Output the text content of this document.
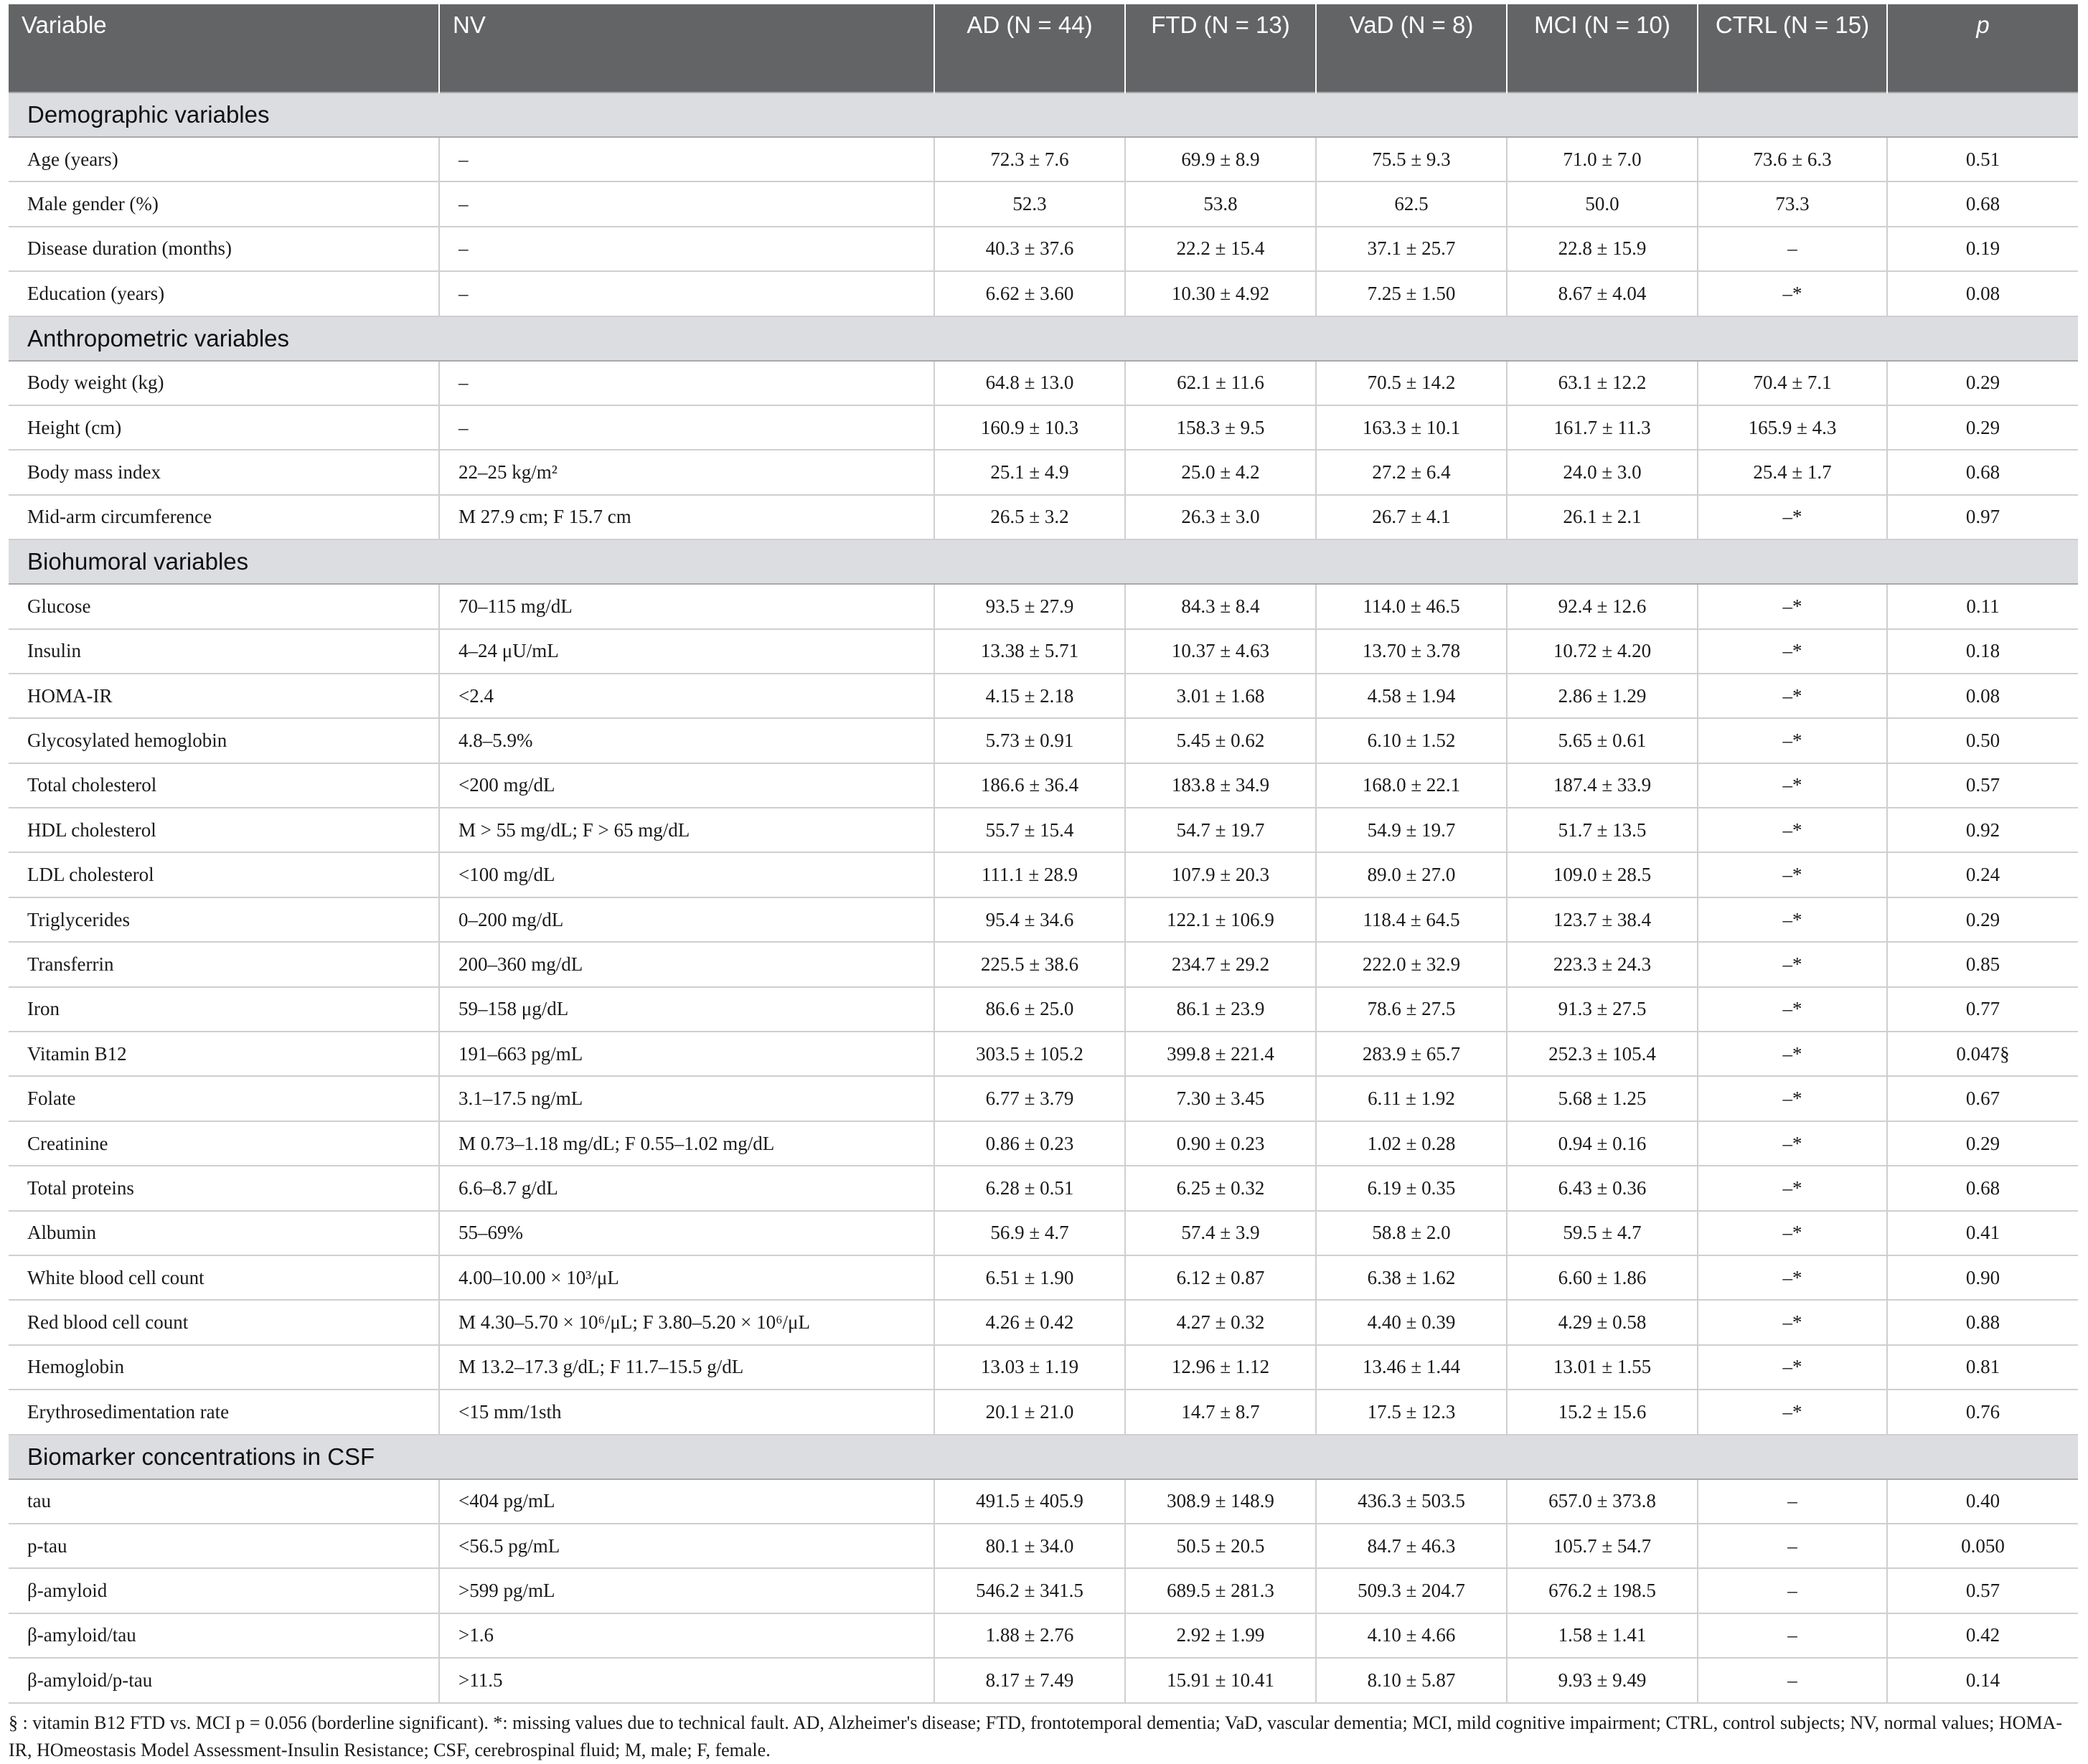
Variable	NV	AD (N = 44)	FTD (N = 13)	VaD (N = 8)	MCI (N = 10)	CTRL (N = 15)	p
Demographic variables							
Age (years)	–	72.3 ± 7.6	69.9 ± 8.9	75.5 ± 9.3	71.0 ± 7.0	73.6 ± 6.3	0.51
Male gender (%)	–	52.3	53.8	62.5	50.0	73.3	0.68
Disease duration (months)	–	40.3 ± 37.6	22.2 ± 15.4	37.1 ± 25.7	22.8 ± 15.9	–	0.19
Education (years)	–	6.62 ± 3.60	10.30 ± 4.92	7.25 ± 1.50	8.67 ± 4.04	–*	0.08
Anthropometric variables							
Body weight (kg)	–	64.8 ± 13.0	62.1 ± 11.6	70.5 ± 14.2	63.1 ± 12.2	70.4 ± 7.1	0.29
Height (cm)	–	160.9 ± 10.3	158.3 ± 9.5	163.3 ± 10.1	161.7 ± 11.3	165.9 ± 4.3	0.29
Body mass index	22–25 kg/m²	25.1 ± 4.9	25.0 ± 4.2	27.2 ± 6.4	24.0 ± 3.0	25.4 ± 1.7	0.68
Mid-arm circumference	M 27.9 cm; F 15.7 cm	26.5 ± 3.2	26.3 ± 3.0	26.7 ± 4.1	26.1 ± 2.1	–*	0.97
Biohumoral variables							
Glucose	70–115 mg/dL	93.5 ± 27.9	84.3 ± 8.4	114.0 ± 46.5	92.4 ± 12.6	–*	0.11
Insulin	4–24 μU/mL	13.38 ± 5.71	10.37 ± 4.63	13.70 ± 3.78	10.72 ± 4.20	–*	0.18
HOMA-IR	<2.4	4.15 ± 2.18	3.01 ± 1.68	4.58 ± 1.94	2.86 ± 1.29	–*	0.08
Glycosylated hemoglobin	4.8–5.9%	5.73 ± 0.91	5.45 ± 0.62	6.10 ± 1.52	5.65 ± 0.61	–*	0.50
Total cholesterol	<200 mg/dL	186.6 ± 36.4	183.8 ± 34.9	168.0 ± 22.1	187.4 ± 33.9	–*	0.57
HDL cholesterol	M > 55 mg/dL; F > 65 mg/dL	55.7 ± 15.4	54.7 ± 19.7	54.9 ± 19.7	51.7 ± 13.5	–*	0.92
LDL cholesterol	<100 mg/dL	111.1 ± 28.9	107.9 ± 20.3	89.0 ± 27.0	109.0 ± 28.5	–*	0.24
Triglycerides	0–200 mg/dL	95.4 ± 34.6	122.1 ± 106.9	118.4 ± 64.5	123.7 ± 38.4	–*	0.29
Transferrin	200–360 mg/dL	225.5 ± 38.6	234.7 ± 29.2	222.0 ± 32.9	223.3 ± 24.3	–*	0.85
Iron	59–158 μg/dL	86.6 ± 25.0	86.1 ± 23.9	78.6 ± 27.5	91.3 ± 27.5	–*	0.77
Vitamin B12	191–663 pg/mL	303.5 ± 105.2	399.8 ± 221.4	283.9 ± 65.7	252.3 ± 105.4	–*	0.047§
Folate	3.1–17.5 ng/mL	6.77 ± 3.79	7.30 ± 3.45	6.11 ± 1.92	5.68 ± 1.25	–*	0.67
Creatinine	M 0.73–1.18 mg/dL; F 0.55–1.02 mg/dL	0.86 ± 0.23	0.90 ± 0.23	1.02 ± 0.28	0.94 ± 0.16	–*	0.29
Total proteins	6.6–8.7 g/dL	6.28 ± 0.51	6.25 ± 0.32	6.19 ± 0.35	6.43 ± 0.36	–*	0.68
Albumin	55–69%	56.9 ± 4.7	57.4 ± 3.9	58.8 ± 2.0	59.5 ± 4.7	–*	0.41
White blood cell count	4.00–10.00 × 10³/μL	6.51 ± 1.90	6.12 ± 0.87	6.38 ± 1.62	6.60 ± 1.86	–*	0.90
Red blood cell count	M 4.30–5.70 × 10⁶/μL; F 3.80–5.20 × 10⁶/μL	4.26 ± 0.42	4.27 ± 0.32	4.40 ± 0.39	4.29 ± 0.58	–*	0.88
Hemoglobin	M 13.2–17.3 g/dL; F 11.7–15.5 g/dL	13.03 ± 1.19	12.96 ± 1.12	13.46 ± 1.44	13.01 ± 1.55	–*	0.81
Erythrosedimentation rate	<15 mm/1sth	20.1 ± 21.0	14.7 ± 8.7	17.5 ± 12.3	15.2 ± 15.6	–*	0.76
Biomarker concentrations in CSF							
tau	<404 pg/mL	491.5 ± 405.9	308.9 ± 148.9	436.3 ± 503.5	657.0 ± 373.8	–	0.40
p-tau	<56.5 pg/mL	80.1 ± 34.0	50.5 ± 20.5	84.7 ± 46.3	105.7 ± 54.7	–	0.050
β-amyloid	>599 pg/mL	546.2 ± 341.5	689.5 ± 281.3	509.3 ± 204.7	676.2 ± 198.5	–	0.57
β-amyloid/tau	>1.6	1.88 ± 2.76	2.92 ± 1.99	4.10 ± 4.66	1.58 ± 1.41	–	0.42
β-amyloid/p-tau	>11.5	8.17 ± 7.49	15.91 ± 10.41	8.10 ± 5.87	9.93 ± 9.49	–	0.14
§ : vitamin B12 FTD vs. MCI p = 0.056 (borderline significant). *: missing values due to technical fault. AD, Alzheimer's disease; FTD, frontotemporal dementia; VaD, vascular dementia; MCI, mild cognitive impairment; CTRL, control subjects; NV, normal values; HOMA-IR, HOmeostasis Model Assessment-Insulin Resistance; CSF, cerebrospinal fluid; M, male; F, female.
